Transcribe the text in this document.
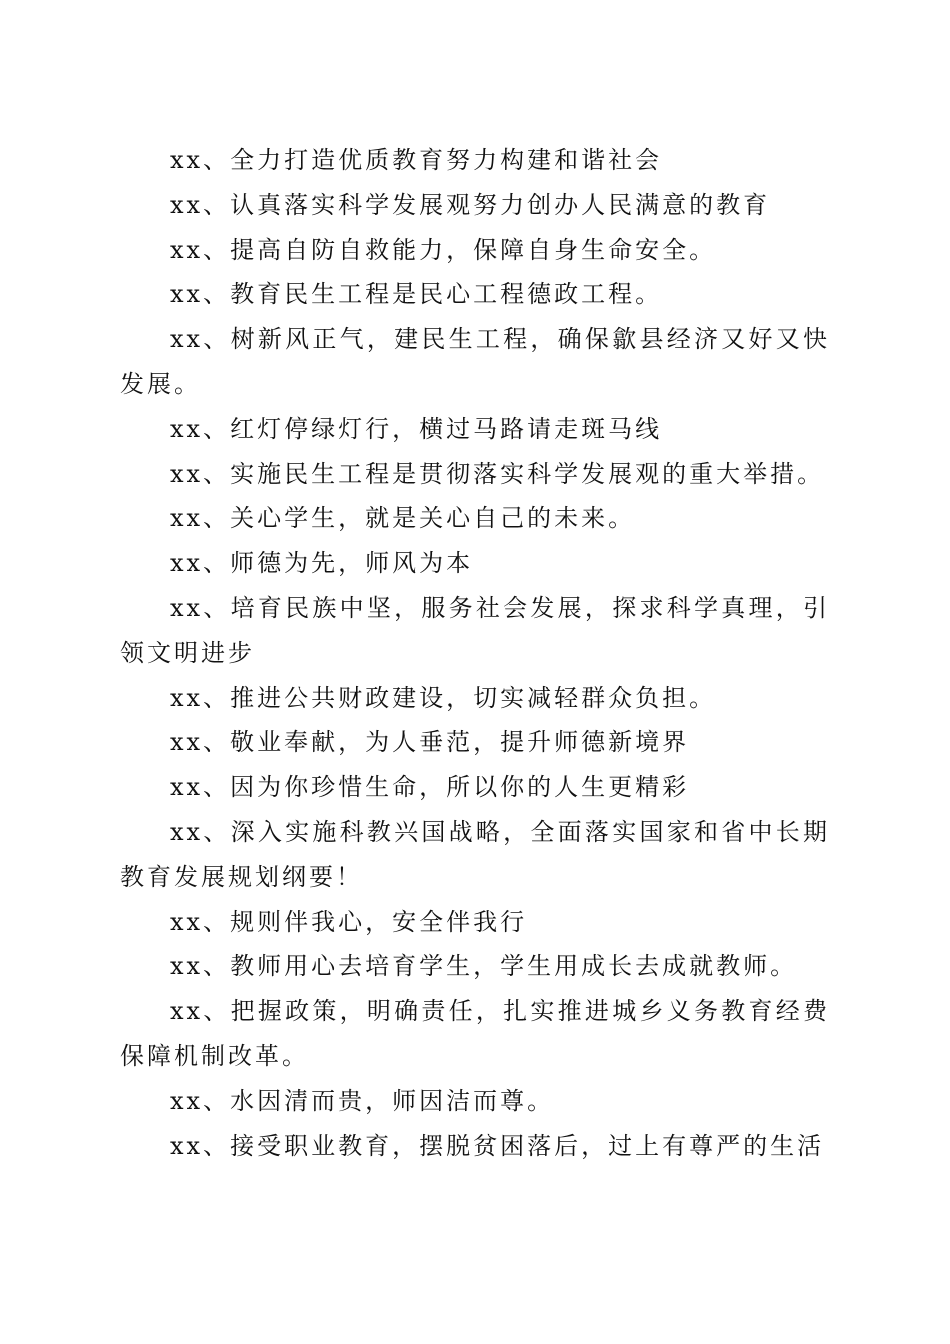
xx、全力打造优质教育努力构建和谐社会

xx、认真落实科学发展观努力创办人民满意的教育

xx、提高自防自救能力，保障自身生命安全。

xx、教育民生工程是民心工程德政工程。

xx、树新风正气，建民生工程，确保歙县经济又好又快发展。

xx、红灯停绿灯行，横过马路请走斑马线

xx、实施民生工程是贯彻落实科学发展观的重大举措。

xx、关心学生，就是关心自己的未来。

xx、师德为先，师风为本

xx、培育民族中坚，服务社会发展，探求科学真理，引领文明进步

xx、推进公共财政建设，切实减轻群众负担。

xx、敬业奉献，为人垂范，提升师德新境界

xx、因为你珍惜生命，所以你的人生更精彩

xx、深入实施科教兴国战略，全面落实国家和省中长期教育发展规划纲要！

xx、规则伴我心，安全伴我行

xx、教师用心去培育学生，学生用成长去成就教师。

xx、把握政策，明确责任，扎实推进城乡义务教育经费保障机制改革。

xx、水因清而贵，师因洁而尊。

xx、接受职业教育，摆脱贫困落后，过上有尊严的生活
